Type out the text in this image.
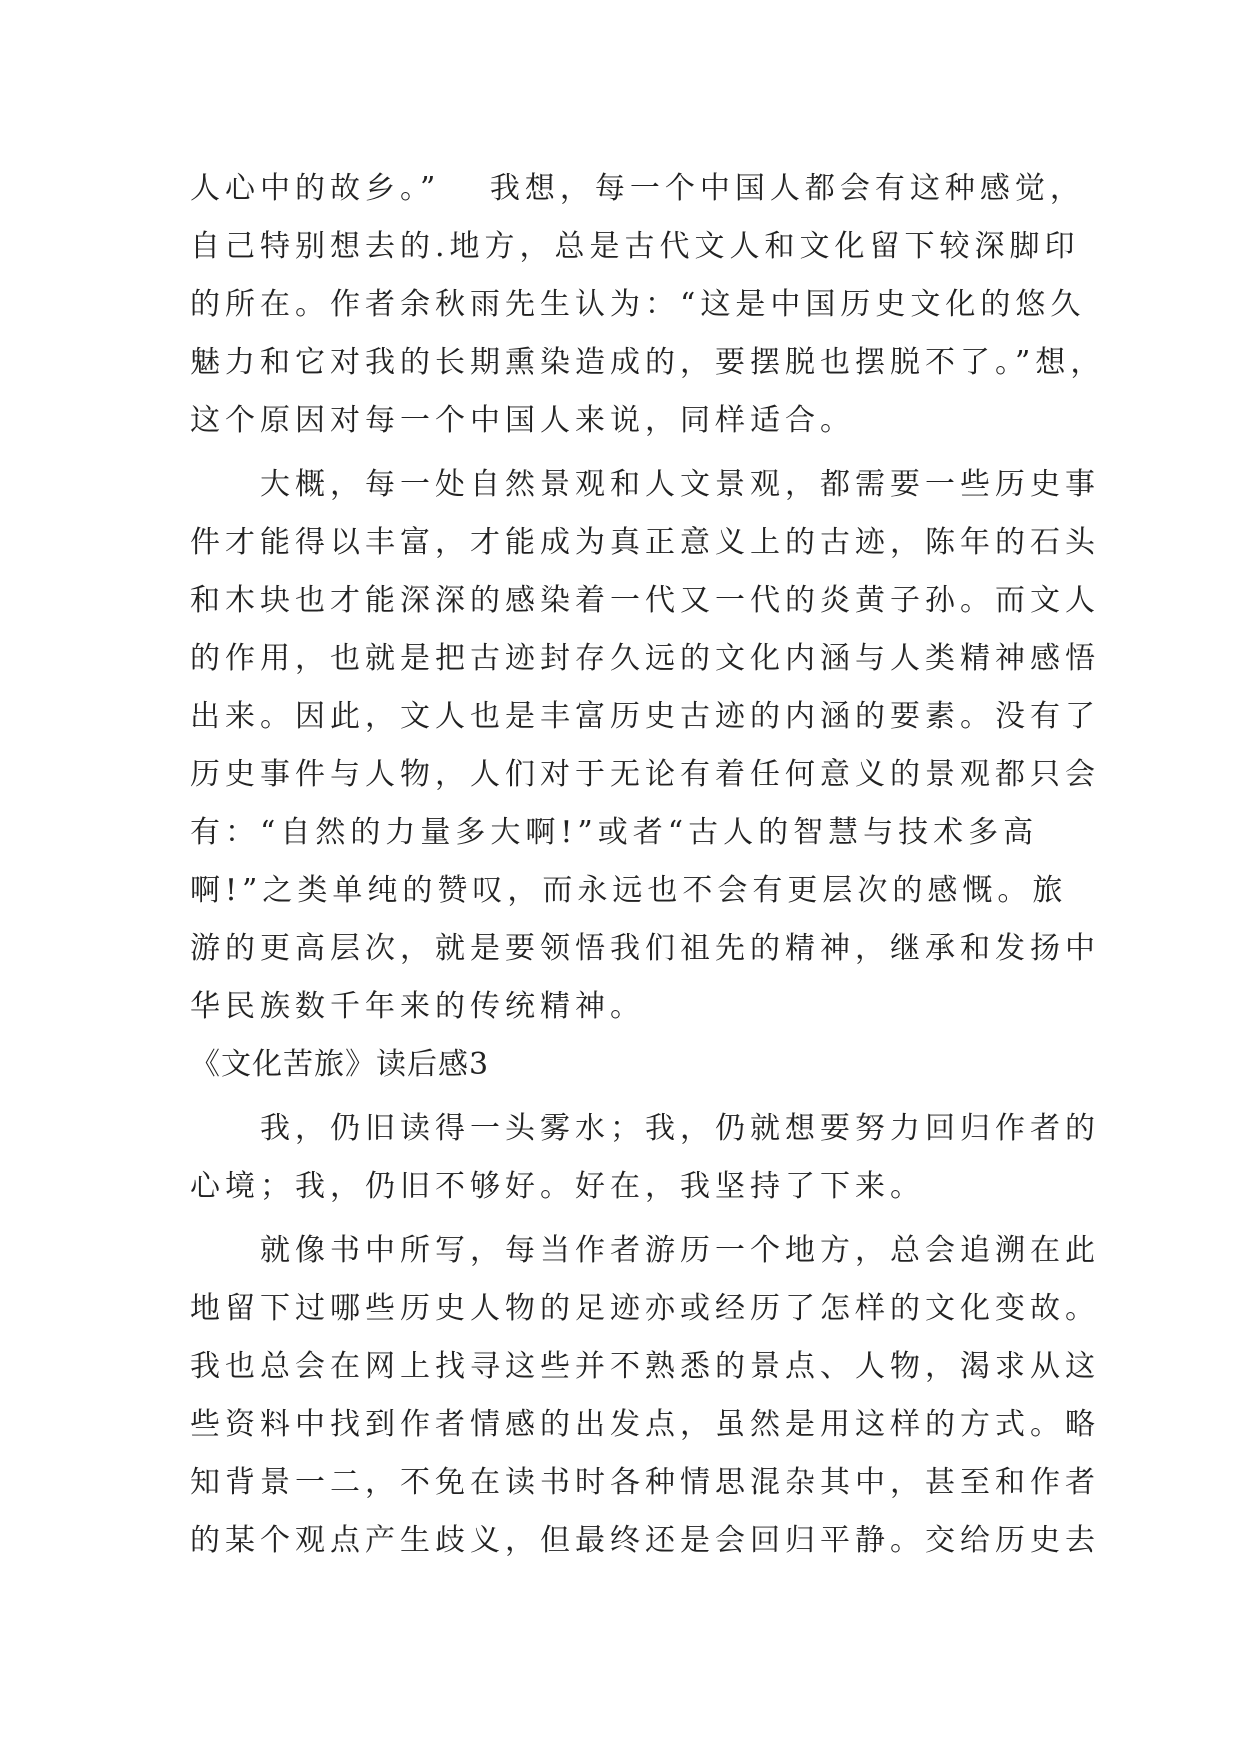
人心中的故乡。”　 我想，每一个中国人都会有这种感觉，
自己特别想去的.地方，总是古代文人和文化留下较深脚印
的所在。作者余秋雨先生认为：“这是中国历史文化的悠久
魅力和它对我的长期熏染造成的，要摆脱也摆脱不了。”想，
这个原因对每一个中国人来说，同样适合。
大概，每一处自然景观和人文景观，都需要一些历史事
件才能得以丰富，才能成为真正意义上的古迹，陈年的石头
和木块也才能深深的感染着一代又一代的炎黄子孙。而文人
的作用，也就是把古迹封存久远的文化内涵与人类精神感悟
出来。因此，文人也是丰富历史古迹的内涵的要素。没有了
历史事件与人物，人们对于无论有着任何意义的景观都只会
有：“自然的力量多大啊!”或者“古人的智慧与技术多高
啊!”之类单纯的赞叹，而永远也不会有更层次的感慨。旅
游的更高层次，就是要领悟我们祖先的精神，继承和发扬中
华民族数千年来的传统精神。
《文化苦旅》读后感3
我，仍旧读得一头雾水；我，仍就想要努力回归作者的
心境；我，仍旧不够好。好在，我坚持了下来。
就像书中所写，每当作者游历一个地方，总会追溯在此
地留下过哪些历史人物的足迹亦或经历了怎样的文化变故。
我也总会在网上找寻这些并不熟悉的景点、人物，渴求从这
些资料中找到作者情感的出发点，虽然是用这样的方式。略
知背景一二，不免在读书时各种情思混杂其中，甚至和作者
的某个观点产生歧义，但最终还是会回归平静。交给历史去
